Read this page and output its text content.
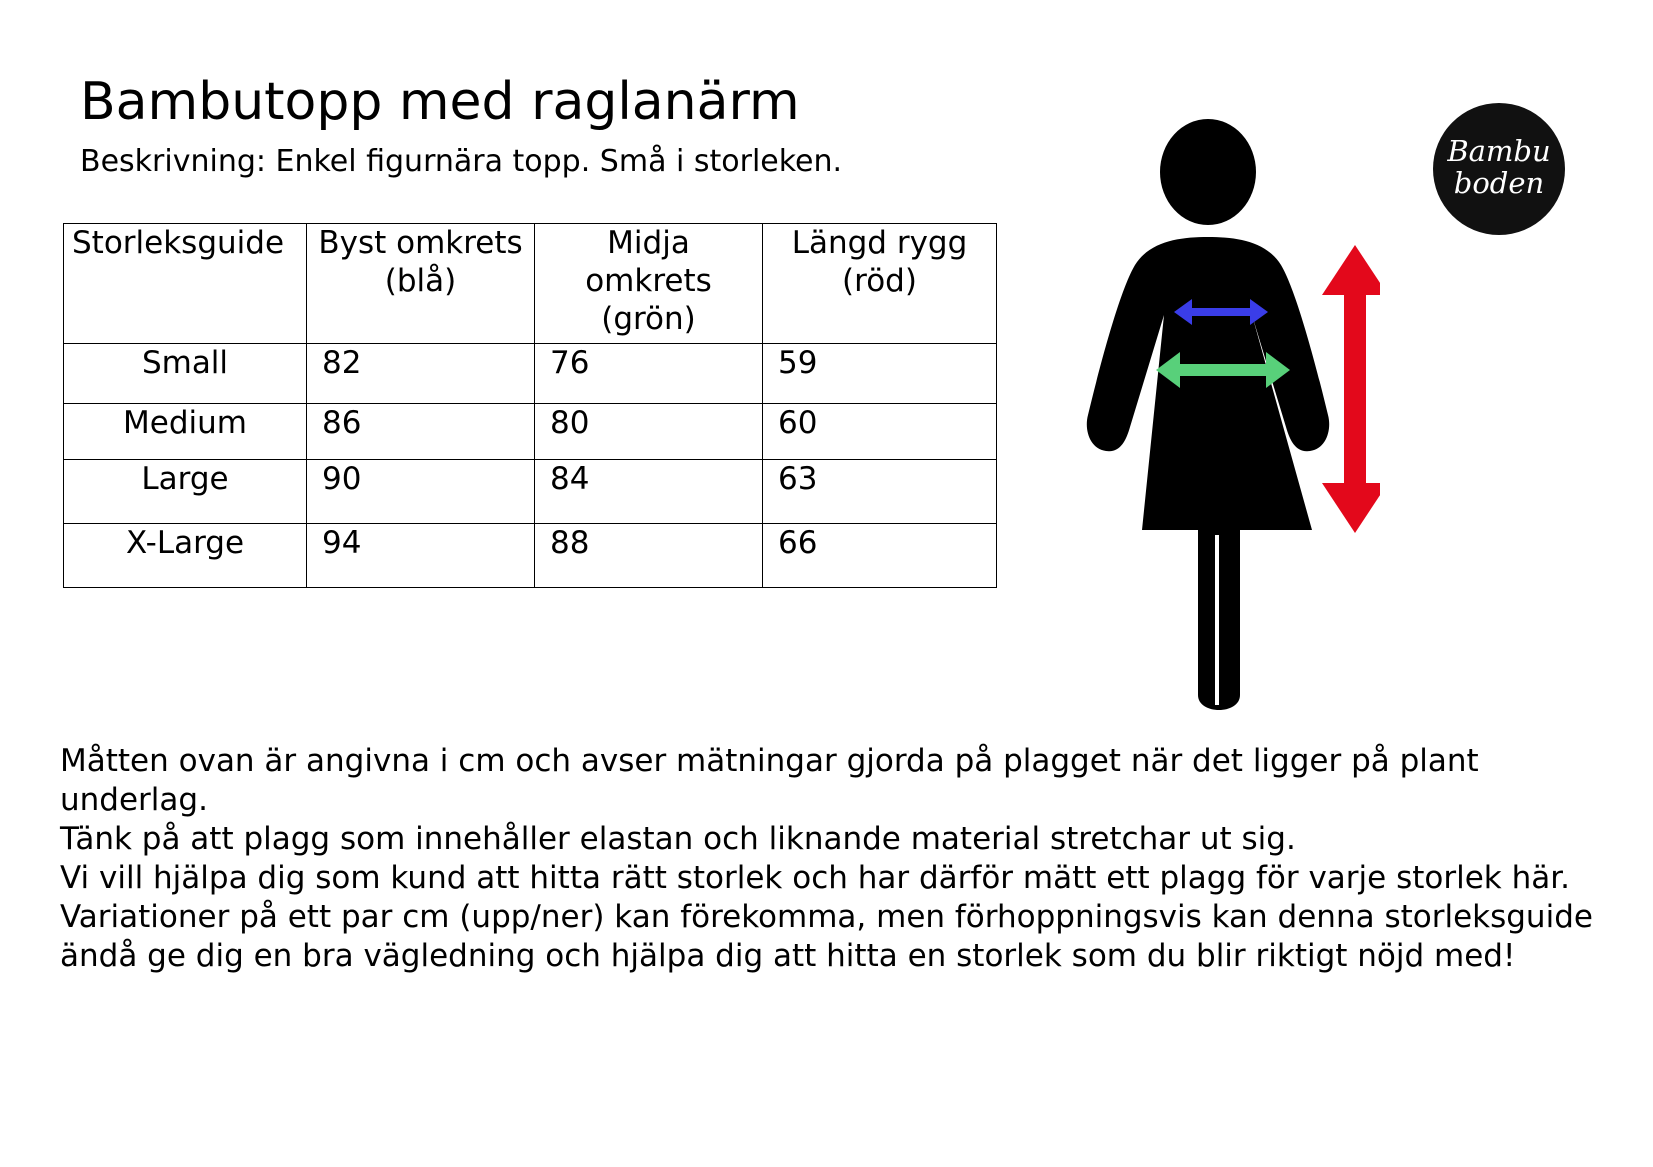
Bambutopp med raglanärm
Beskrivning: Enkel figurnära topp. Små i storleken.
Storleksguide	Byst omkrets (blå)	Midja omkrets (grön)	Längd rygg (röd)
Small	82	76	59
Medium	86	80	60
Large	90	84	63
X-Large	94	88	66
Bambu boden

Måtten ovan är angivna i cm och avser mätningar gjorda på plagget när det ligger på plant underlag.

Tänk på att plagg som innehåller elastan och liknande material stretchar ut sig.

Vi vill hjälpa dig som kund att hitta rätt storlek och har därför mätt ett plagg för varje storlek här. Variationer på ett par cm (upp/ner) kan förekomma, men förhoppningsvis kan denna storleksguide ändå ge dig en bra vägledning och hjälpa dig att hitta en storlek som du blir riktigt nöjd med!
